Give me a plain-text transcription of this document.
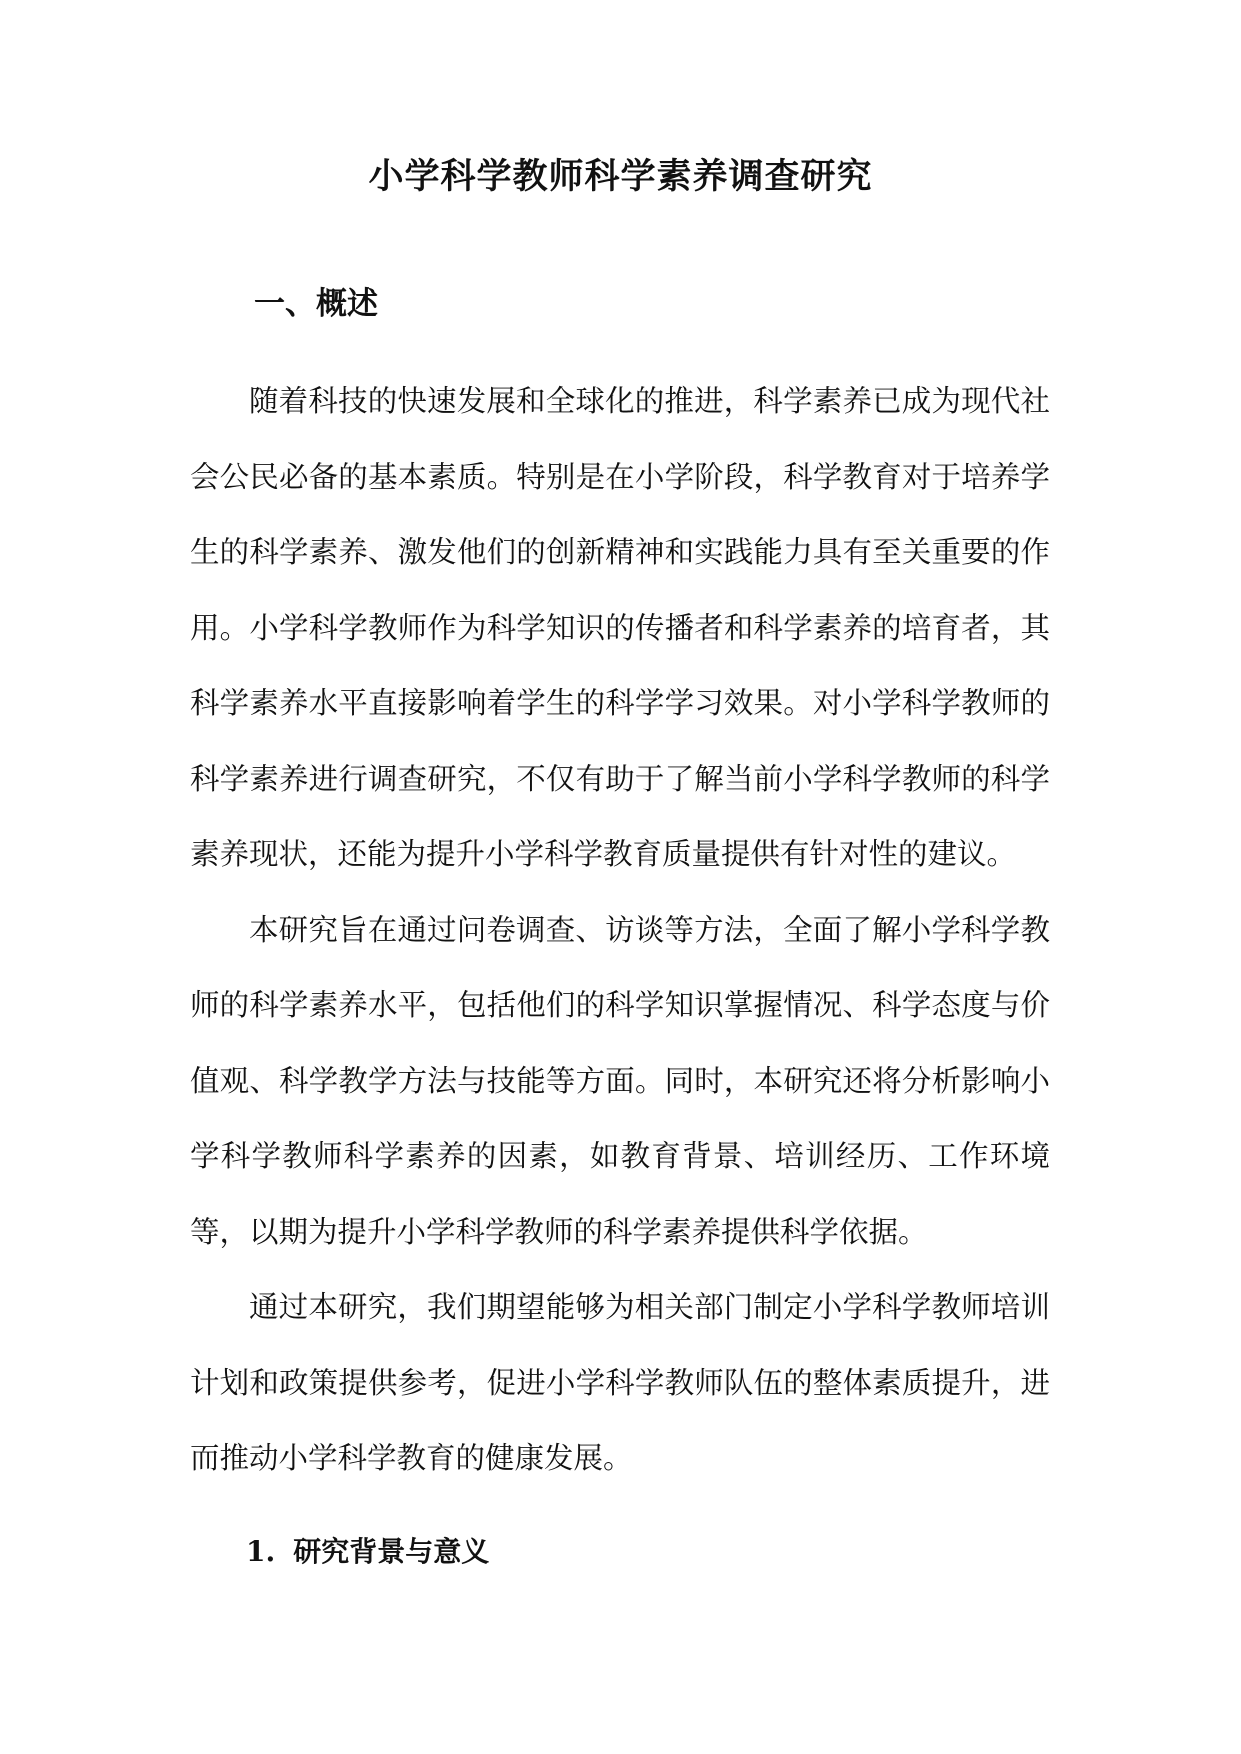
小学科学教师科学素养调查研究
一、概述

随着科技的快速发展和全球化的推进，科学素养已成为现代社会公民必备的基本素质。特别是在小学阶段，科学教育对于培养学生的科学素养、激发他们的创新精神和实践能力具有至关重要的作用。小学科学教师作为科学知识的传播者和科学素养的培育者，其科学素养水平直接影响着学生的科学学习效果。对小学科学教师的科学素养进行调查研究，不仅有助于了解当前小学科学教师的科学素养现状，还能为提升小学科学教育质量提供有针对性的建议。

本研究旨在通过问卷调查、访谈等方法，全面了解小学科学教师的科学素养水平，包括他们的科学知识掌握情况、科学态度与价值观、科学教学方法与技能等方面。同时，本研究还将分析影响小学科学教师科学素养的因素，如教育背景、培训经历、工作环境等，以期为提升小学科学教师的科学素养提供科学依据。

通过本研究，我们期望能够为相关部门制定小学科学教师培训计划和政策提供参考，促进小学科学教师队伍的整体素质提升，进而推动小学科学教育的健康发展。

1. 研究背景与意义
